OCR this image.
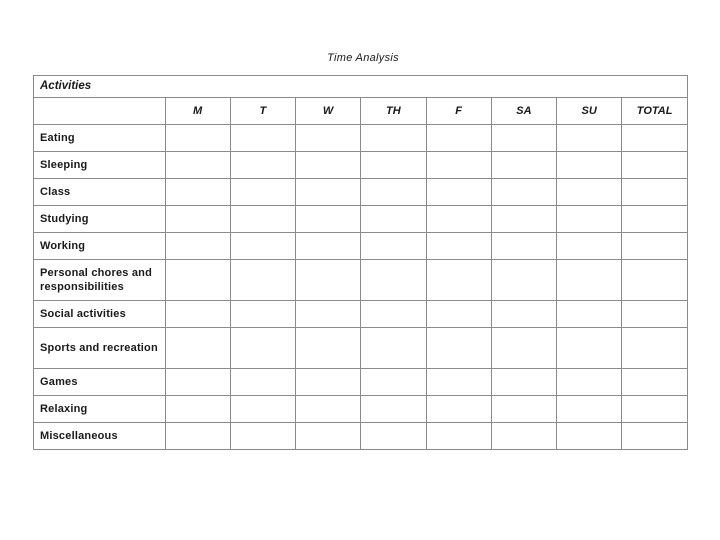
Time Analysis
Activities
	M	T	W	TH	F	SA	SU	TOTAL
Eating								
Sleeping								
Class								
Studying								
Working								
Personal chores and responsibilities								
Social activities								
Sports and recreation								
Games								
Relaxing								
Miscellaneous								
